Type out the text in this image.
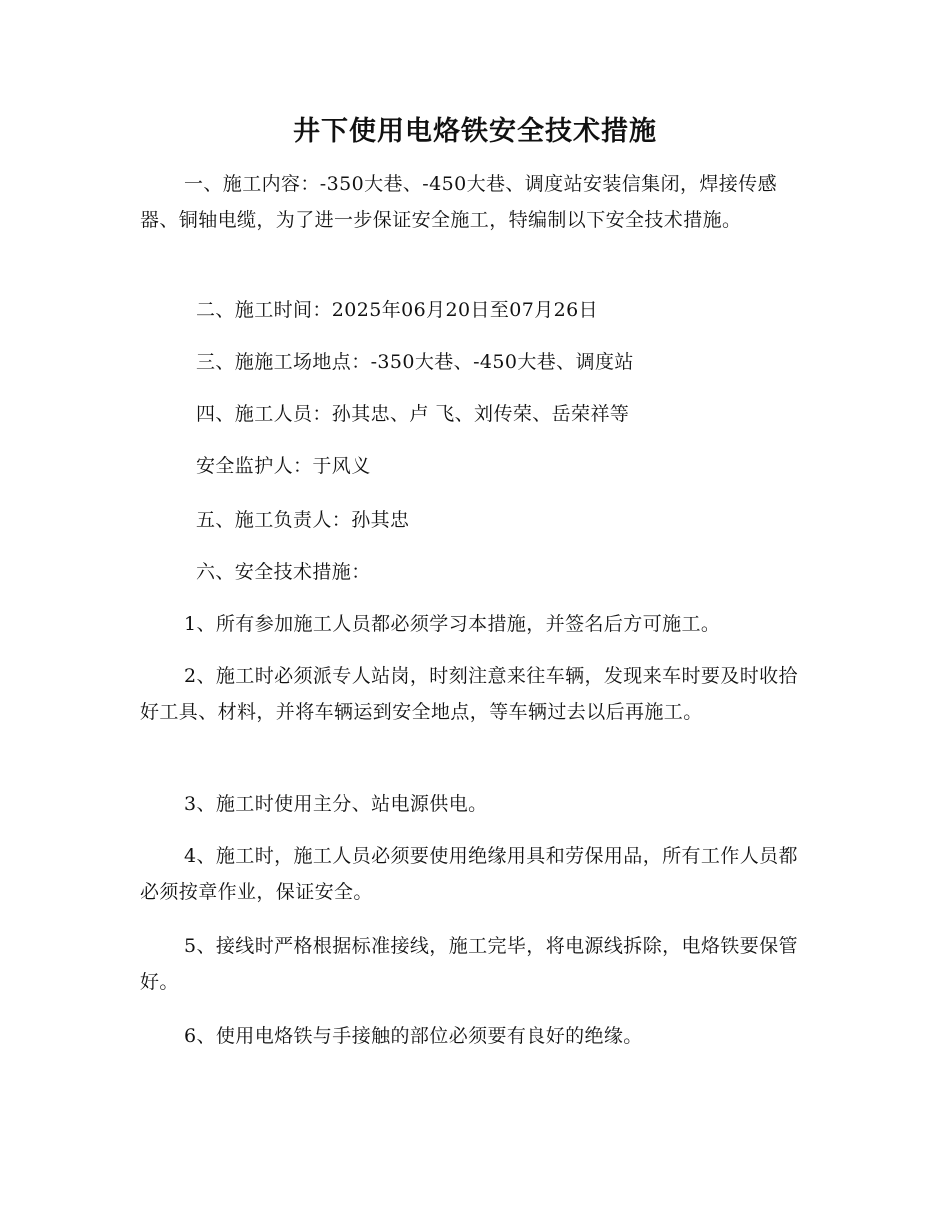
井下使用电烙铁安全技术措施

一、施工内容：-350大巷、-450大巷、调度站安装信集闭，焊接传感器、铜轴电缆，为了进一步保证安全施工，特编制以下安全技术措施。

二、施工时间：2025年06月20日至07月26日
三、施施工场地点：-350大巷、-450大巷、调度站
四、施工人员：孙其忠、卢 飞、刘传荣、岳荣祥等
安全监护人：于风义
五、施工负责人：孙其忠
六、安全技术措施：
1、所有参加施工人员都必须学习本措施，并签名后方可施工。

2、施工时必须派专人站岗，时刻注意来往车辆，发现来车时要及时收拾好工具、材料，并将车辆运到安全地点，等车辆过去以后再施工。

3、施工时使用主分、站电源供电。

4、施工时，施工人员必须要使用绝缘用具和劳保用品，所有工作人员都必须按章作业，保证安全。

5、接线时严格根据标准接线，施工完毕，将电源线拆除，电烙铁要保管好。

6、使用电烙铁与手接触的部位必须要有良好的绝缘。
